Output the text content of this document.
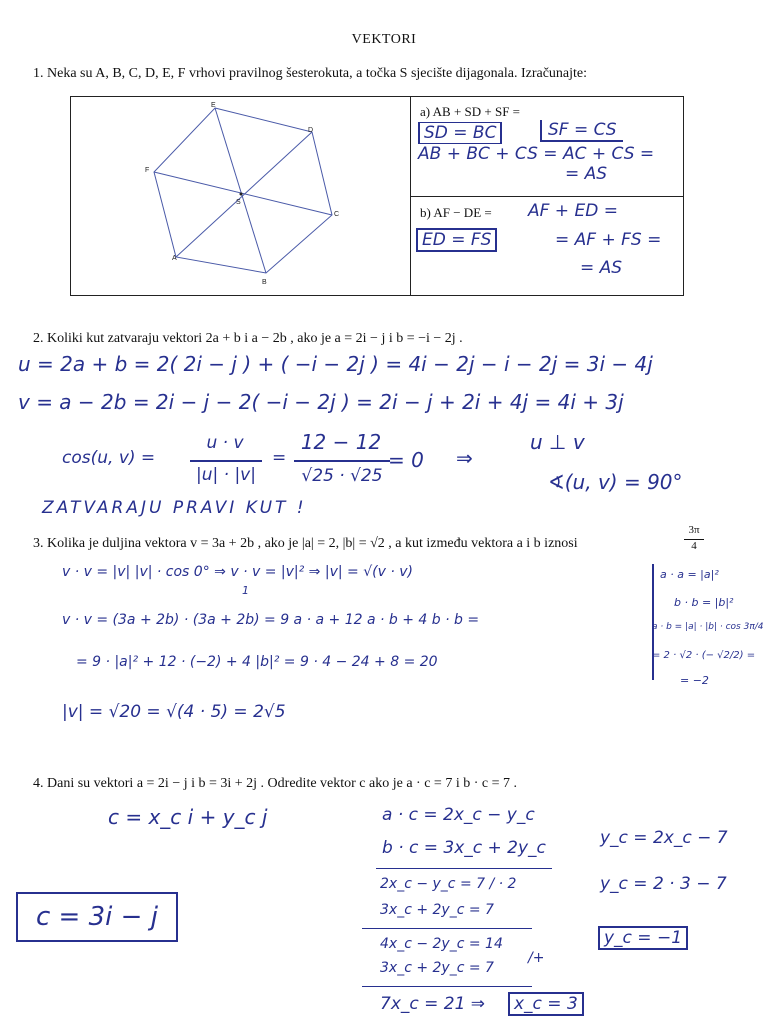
VEKTORI
1. Neka su A, B, C, D, E, F vrhovi pravilnog šesterokuta, a točka S sjecište dijagonala. Izračunajte:
E
D
C
B
A
F
S
a) AB + SD + SF =
SD = BC	SF = CS
AB + BC + CS = AC + CS =
= AS
b) AF − DE = AF + ED =
ED = FS	= AF + FS =
= AS
2. Koliki kut zatvaraju vektori 2a + b i a − 2b , ako je a = 2i − j i b = −i − 2j .
u = 2a + b = 2( 2i − j ) + ( −i − 2j ) = 4i − 2j − i − 2j = 3i − 4j
v = a − 2b = 2i − j − 2( −i − 2j ) = 2i − j + 2i + 4j = 4i + 3j
cos(u, v) =
u · v
|u| · |v|
=
12 − 12
√25 · √25
= 0 ⇒
u ⊥ v
∢(u, v) = 90°
ZATVARAJU PRAVI KUT !
3. Kolika je duljina vektora v = 3a + 2b , ako je |a| = 2, |b| = √2 , a kut između vektora a i b iznosi
3π
4
v · v = |v| |v| · cos 0° ⇒ v · v = |v|² ⇒ |v| = √(v · v)
1
v · v = (3a + 2b) · (3a + 2b) = 9 a · a + 12 a · b + 4 b · b =
= 9 · |a|² + 12 · (−2) + 4 |b|² = 9 · 4 − 24 + 8 = 20
|v| = √20 = √(4 · 5) = 2√5
a · a = |a|²
b · b = |b|²
a · b = |a| · |b| · cos 3π/4
= 2 · √2 · (− √2/2) =
= −2
4. Dani su vektori a = 2i − j i b = 3i + 2j . Odredite vektor c ako je a · c = 7 i b · c = 7 .
c = x_c i + y_c j	a · c = 2x_c − y_c
b · c = 3x_c + 2y_c
2x_c − y_c = 7 / · 2
3x_c + 2y_c = 7
4x_c − 2y_c = 14
3x_c + 2y_c = 7
/+
7x_c = 21 ⇒	x_c = 3
y_c = 2x_c − 7
y_c = 2 · 3 − 7
y_c = −1
c = 3i − j
